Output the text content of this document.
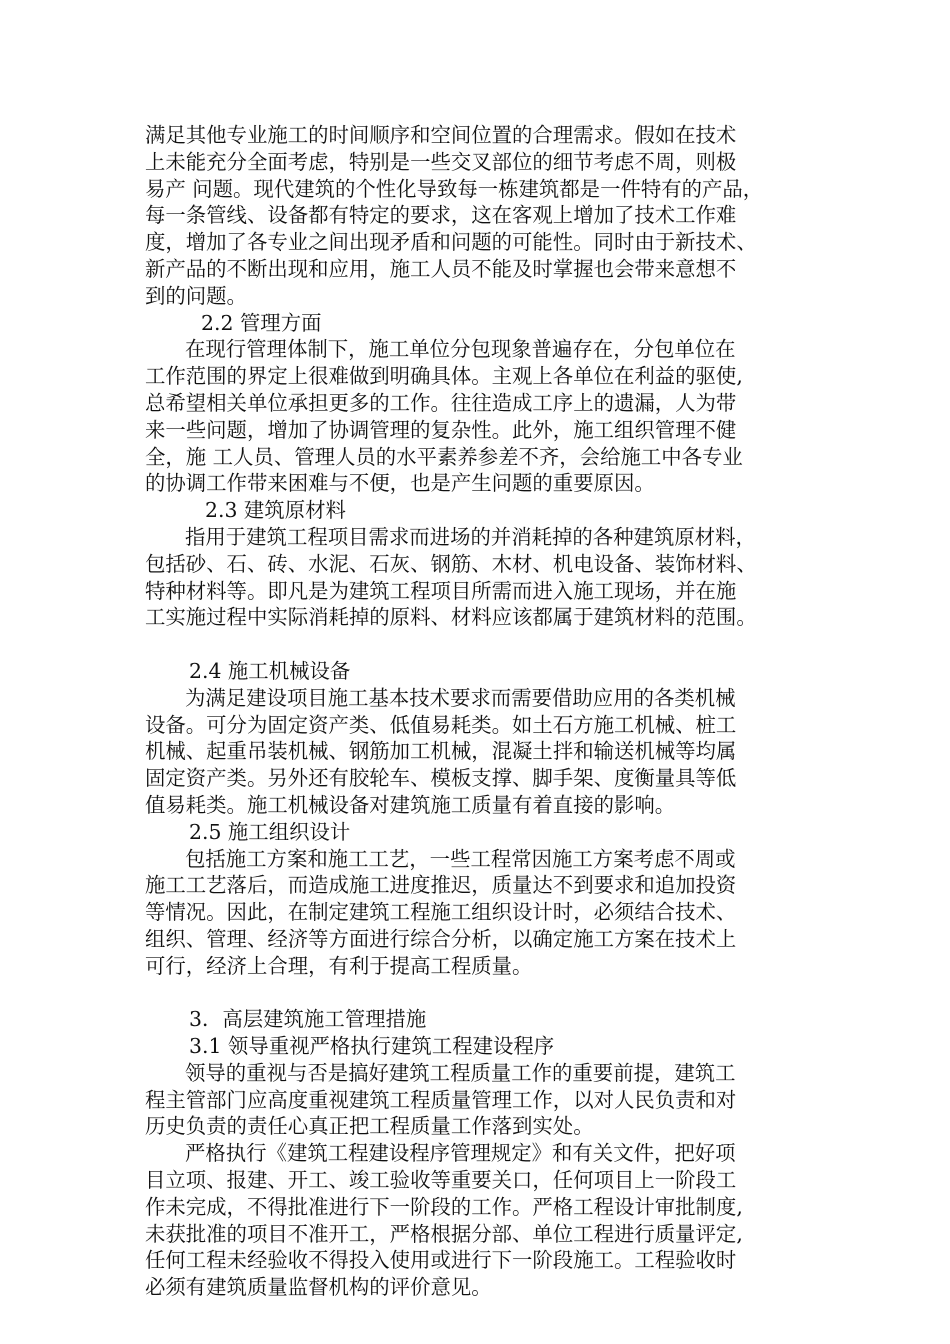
满足其他专业施工的时间顺序和空间位置的合理需求。假如在技术
上未能充分全面考虑，特别是一些交叉部位的细节考虑不周，则极
易产 问题。现代建筑的个性化导致每一栋建筑都是一件特有的产品，
每一条管线、设备都有特定的要求，这在客观上增加了技术工作难
度，增加了各专业之间出现矛盾和问题的可能性。同时由于新技术、
新产品的不断出现和应用，施工人员不能及时掌握也会带来意想不
到的问题。
2.2 管理方面
在现行管理体制下，施工单位分包现象普遍存在，分包单位在
工作范围的界定上很难做到明确具体。主观上各单位在利益的驱使,
总希望相关单位承担更多的工作。往往造成工序上的遗漏，人为带
来一些问题，增加了协调管理的复杂性。此外，施工组织管理不健
全，施 工人员、管理人员的水平素养参差不齐，会给施工中各专业
的协调工作带来困难与不便，也是产生问题的重要原因。
2.3 建筑原材料
指用于建筑工程项目需求而进场的并消耗掉的各种建筑原材料，
包括砂、石、砖、水泥、石灰、钢筋、木材、机电设备、装饰材料、
特种材料等。即凡是为建筑工程项目所需而进入施工现场，并在施
工实施过程中实际消耗掉的原料、材料应该都属于建筑材料的范围。
2.4 施工机械设备
为满足建设项目施工基本技术要求而需要借助应用的各类机械
设备。可分为固定资产类、低值易耗类。如土石方施工机械、桩工
机械、起重吊装机械、钢筋加工机械，混凝土拌和输送机械等均属
固定资产类。另外还有胶轮车、模板支撑、脚手架、度衡量具等低
值易耗类。施工机械设备对建筑施工质量有着直接的影响。
2.5 施工组织设计
包括施工方案和施工工艺，一些工程常因施工方案考虑不周或
施工工艺落后，而造成施工进度推迟，质量达不到要求和追加投资
等情况。因此，在制定建筑工程施工组织设计时，必须结合技术、
组织、管理、经济等方面进行综合分析，以确定施工方案在技术上
可行，经济上合理，有利于提高工程质量。
3．高层建筑施工管理措施
3.1 领导重视严格执行建筑工程建设程序
领导的重视与否是搞好建筑工程质量工作的重要前提，建筑工
程主管部门应高度重视建筑工程质量管理工作，以对人民负责和对
历史负责的责任心真正把工程质量工作落到实处。
严格执行《建筑工程建设程序管理规定》和有关文件，把好项
目立项、报建、开工、竣工验收等重要关口，任何项目上一阶段工
作未完成，不得批准进行下一阶段的工作。严格工程设计审批制度,
未获批准的项目不准开工，严格根据分部、单位工程进行质量评定,
任何工程未经验收不得投入使用或进行下一阶段施工。工程验收时
必须有建筑质量监督机构的评价意见。
